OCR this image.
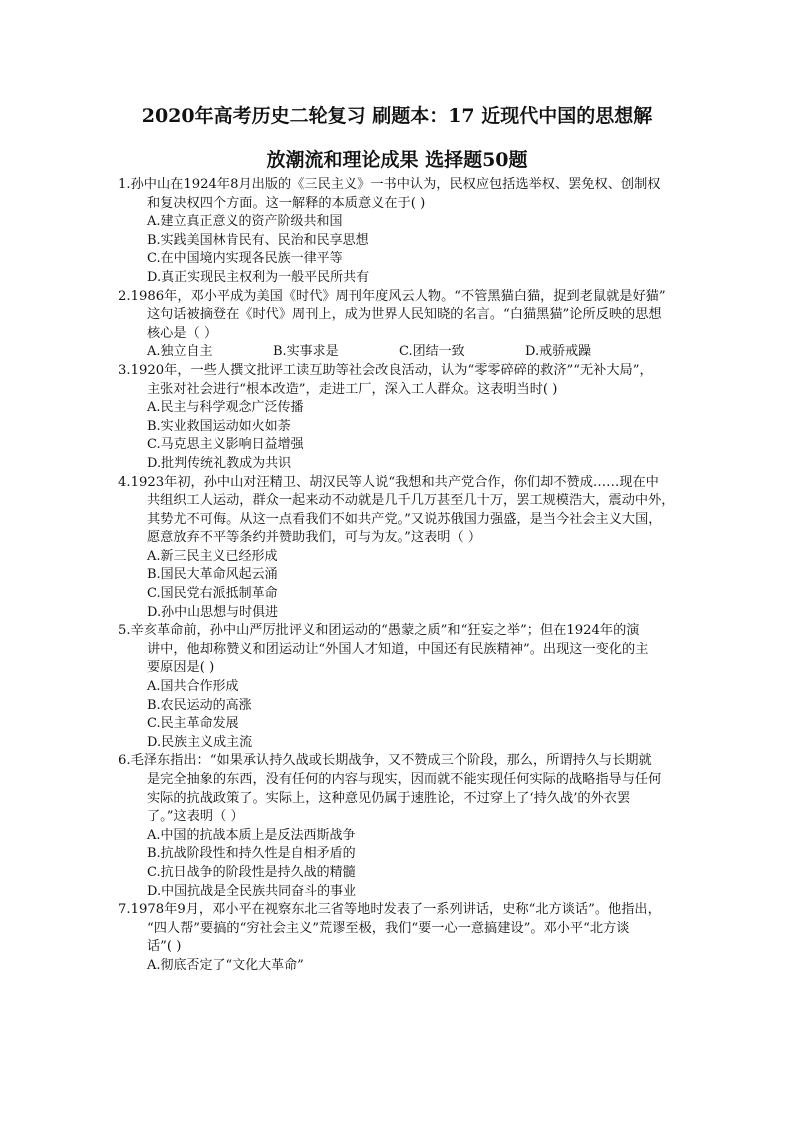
2020年高考历史二轮复习 刷题本：17 近现代中国的思想解
放潮流和理论成果 选择题50题
1.孙中山在1924年8月出版的《三民主义》一书中认为，民权应包括选举权、罢免权、创制权
和复决权四个方面。这一解释的本质意义在于( )
A.建立真正意义的资产阶级共和国
B.实践美国林肯民有、民治和民享思想
C.在中国境内实现各民族一律平等
D.真正实现民主权利为一般平民所共有
2.1986年，邓小平成为美国《时代》周刊年度风云人物。“不管黑猫白猫，捉到老鼠就是好猫”
这句话被摘登在《时代》周刊上，成为世界人民知晓的名言。“白猫黑猫”论所反映的思想
核心是（ ）
A.独立自主	B.实事求是	C.团结一致	D.戒骄戒躁
3.1920年，一些人撰文批评工读互助等社会改良活动，认为“零零碎碎的救济”“无补大局”，
主张对社会进行“根本改造”，走进工厂，深入工人群众。这表明当时( )
A.民主与科学观念广泛传播
B.实业救国运动如火如荼
C.马克思主义影响日益增强
D.批判传统礼教成为共识
4.1923年初，孙中山对汪精卫、胡汉民等人说“我想和共产党合作，你们却不赞成……现在中
共组织工人运动，群众一起来动不动就是几千几万甚至几十万，罢工规模浩大，震动中外，
其势尤不可侮。从这一点看我们不如共产党。”又说苏俄国力强盛，是当今社会主义大国，
愿意放弃不平等条约并赞助我们，可与为友。”这表明（ ）
A.新三民主义已经形成
B.国民大革命风起云涌
C.国民党右派抵制革命
D.孙中山思想与时俱进
5.辛亥革命前，孙中山严厉批评义和团运动的“愚蒙之质”和“狂妄之举”；但在1924年的演
讲中，他却称赞义和团运动让“外国人才知道，中国还有民族精神”。出现这一变化的主
要原因是( )
A.国共合作形成
B.农民运动的高涨
C.民主革命发展
D.民族主义成主流
6.毛泽东指出：“如果承认持久战或长期战争，又不赞成三个阶段，那么，所谓持久与长期就
是完全抽象的东西，没有任何的内容与现实，因而就不能实现任何实际的战略指导与任何
实际的抗战政策了。实际上，这种意见仍属于速胜论，不过穿上了‘持久战’的外衣罢
了。”这表明（ ）
A.中国的抗战本质上是反法西斯战争
B.抗战阶段性和持久性是自相矛盾的
C.抗日战争的阶段性是持久战的精髓
D.中国抗战是全民族共同奋斗的事业
7.1978年9月，邓小平在视察东北三省等地时发表了一系列讲话，史称“北方谈话”。他指出，
“四人帮”要搞的“穷社会主义”荒谬至极，我们“要一心一意搞建设”。邓小平“北方谈
话”( )
A.彻底否定了“文化大革命”
